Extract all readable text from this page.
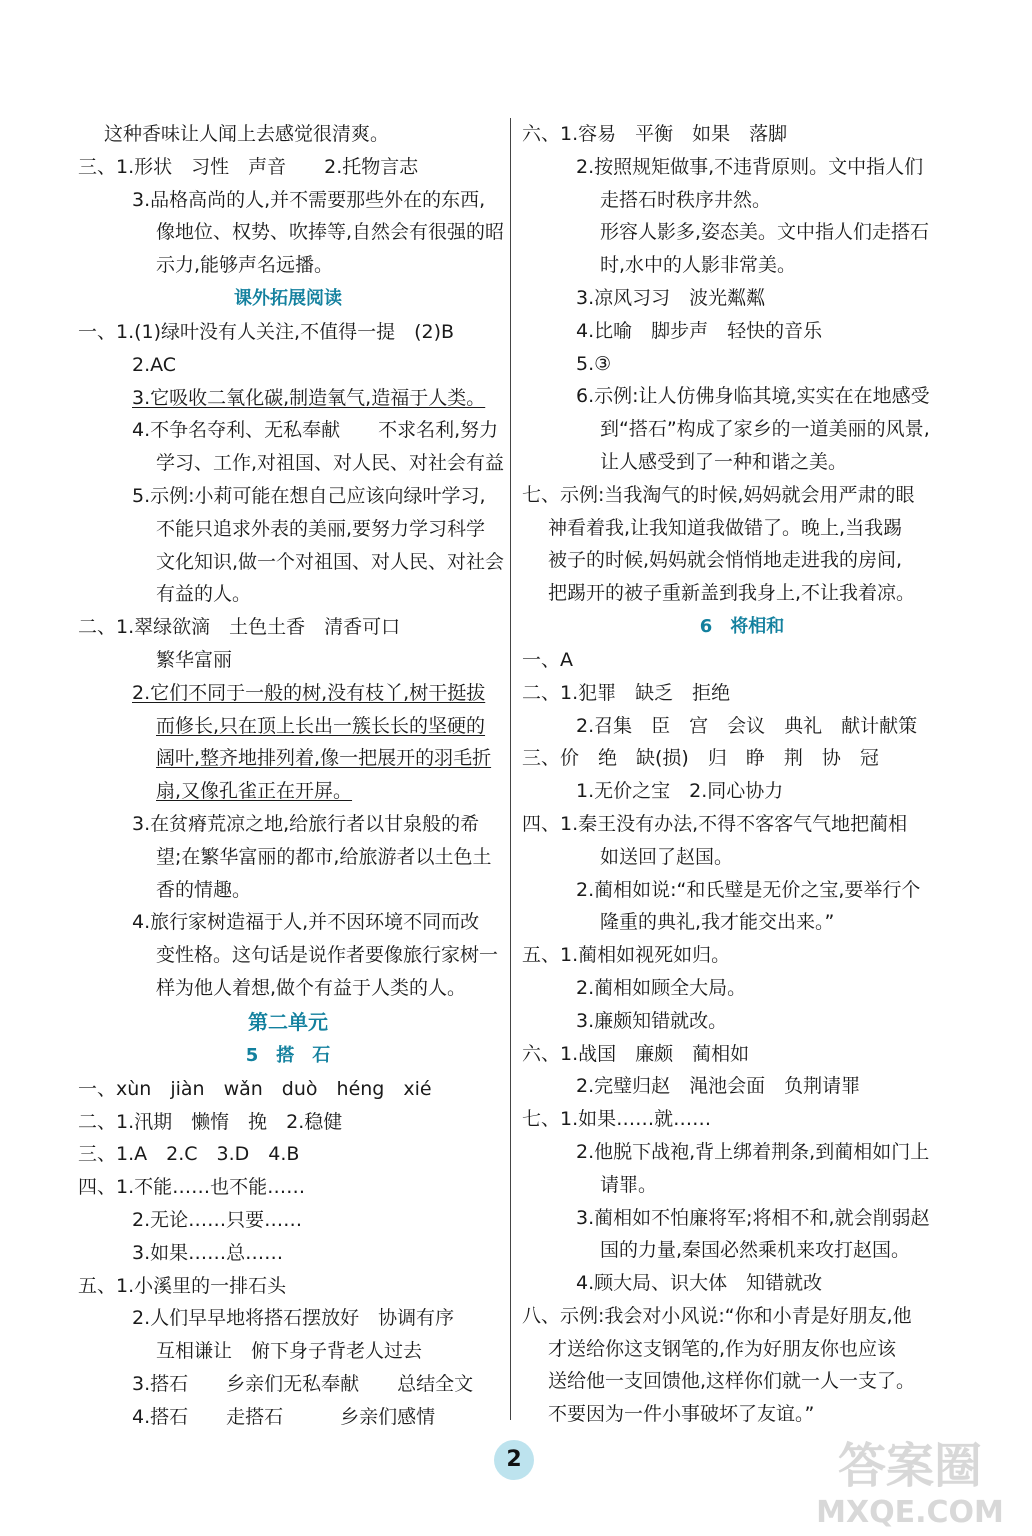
这种香味让人闻上去感觉很清爽。
三、1.形状　习性　声音　　2.托物言志
3.品格高尚的人,并不需要那些外在的东西,
像地位、权势、吹捧等,自然会有很强的昭
示力,能够声名远播。
课外拓展阅读
一、1.(1)绿叶没有人关注,不值得一提　(2)B
2.AC
3.它吸收二氧化碳,制造氧气,造福于人类。
4.不争名夺利、无私奉献　　不求名利,努力
学习、工作,对祖国、对人民、对社会有益
5.示例:小莉可能在想自己应该向绿叶学习,
不能只追求外表的美丽,要努力学习科学
文化知识,做一个对祖国、对人民、对社会
有益的人。
二、1.翠绿欲滴　土色土香　清香可口
繁华富丽
2.它们不同于一般的树,没有枝丫,树干挺拔
而修长,只在顶上长出一簇长长的坚硬的
阔叶,整齐地排列着,像一把展开的羽毛折
扇,又像孔雀正在开屏。
3.在贫瘠荒凉之地,给旅行者以甘泉般的希
望;在繁华富丽的都市,给旅游者以土色土
香的情趣。
4.旅行家树造福于人,并不因环境不同而改
变性格。这句话是说作者要像旅行家树一
样为他人着想,做个有益于人类的人。
第二单元
5　搭　石
一、xùn　jiàn　wǎn　duò　héng　xié
二、1.汛期　懒惰　挽　2.稳健
三、1.A　2.C　3.D　4.B
四、1.不能……也不能……
2.无论……只要……
3.如果……总……
五、1.小溪里的一排石头
2.人们早早地将搭石摆放好　协调有序
互相谦让　俯下身子背老人过去
3.搭石　　乡亲们无私奉献　　总结全文
4.搭石　　走搭石　　　乡亲们感情
六、1.容易　平衡　如果　落脚
2.按照规矩做事,不违背原则。文中指人们
走搭石时秩序井然。
形容人影多,姿态美。文中指人们走搭石
时,水中的人影非常美。
3.凉风习习　波光粼粼
4.比喻　脚步声　轻快的音乐
5.③
6.示例:让人仿佛身临其境,实实在在地感受
到“搭石”构成了家乡的一道美丽的风景,
让人感受到了一种和谐之美。
七、示例:当我淘气的时候,妈妈就会用严肃的眼
神看着我,让我知道我做错了。晚上,当我踢
被子的时候,妈妈就会悄悄地走进我的房间,
把踢开的被子重新盖到我身上,不让我着凉。
6　将相和
一、A
二、1.犯罪　缺乏　拒绝
2.召集　臣　宫　会议　典礼　献计献策
三、价　绝　缺(损)　归　睁　荆　协　冠
1.无价之宝　2.同心协力
四、1.秦王没有办法,不得不客客气气地把蔺相
如送回了赵国。
2.蔺相如说:“和氏璧是无价之宝,要举行个
隆重的典礼,我才能交出来。”
五、1.蔺相如视死如归。
2.蔺相如顾全大局。
3.廉颇知错就改。
六、1.战国　廉颇　蔺相如
2.完璧归赵　渑池会面　负荆请罪
七、1.如果……就……
2.他脱下战袍,背上绑着荆条,到蔺相如门上
请罪。
3.蔺相如不怕廉将军;将相不和,就会削弱赵
国的力量,秦国必然乘机来攻打赵国。
4.顾大局、识大体　知错就改
八、示例:我会对小风说:“你和小青是好朋友,他
才送给你这支钢笔的,作为好朋友你也应该
送给他一支回馈他,这样你们就一人一支了。
不要因为一件小事破坏了友谊。”
2	答案圈
MXQE.COM
